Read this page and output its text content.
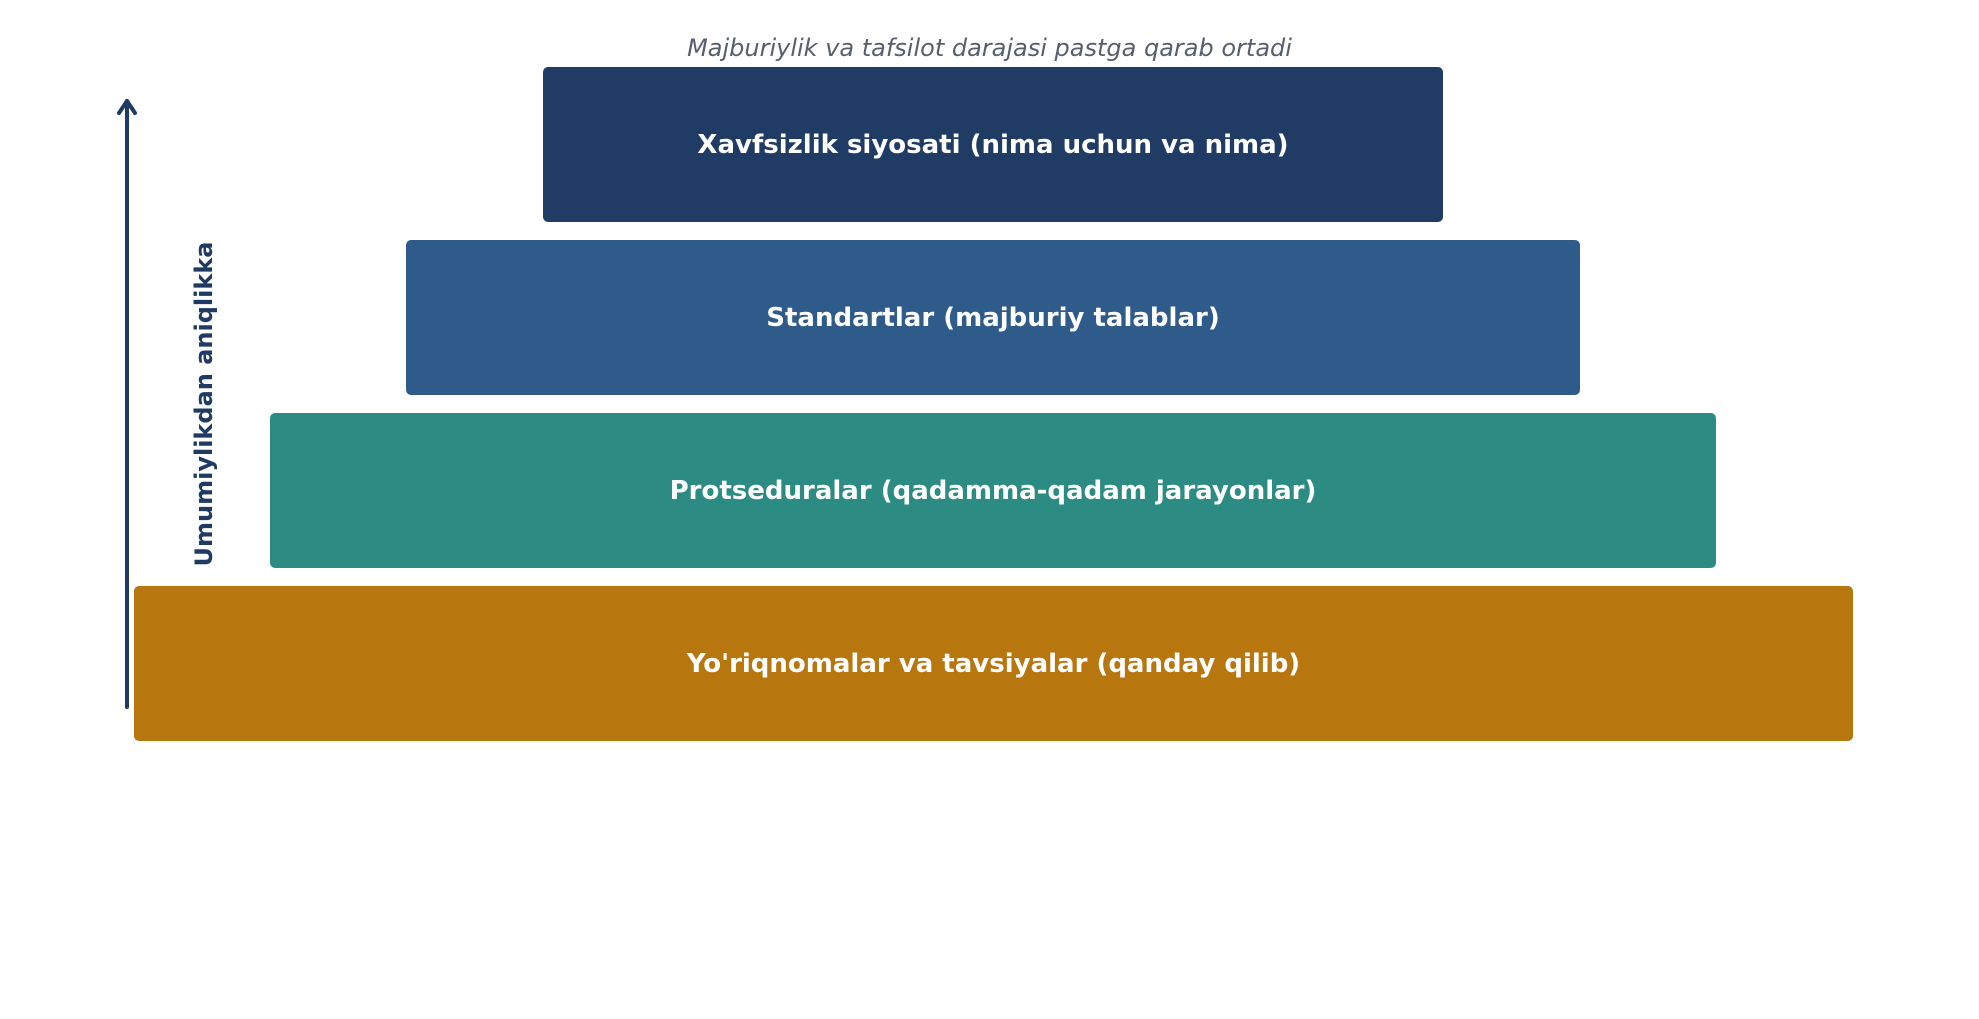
Majburiylik va tafsilot darajasi pastga qarab ortadi
Umumiylikdan aniqlikka
Xavfsizlik siyosati (nima uchun va nima)
Standartlar (majburiy talablar)
Protseduralar (qadamma-qadam jarayonlar)
Yo'riqnomalar va tavsiyalar (qanday qilib)
